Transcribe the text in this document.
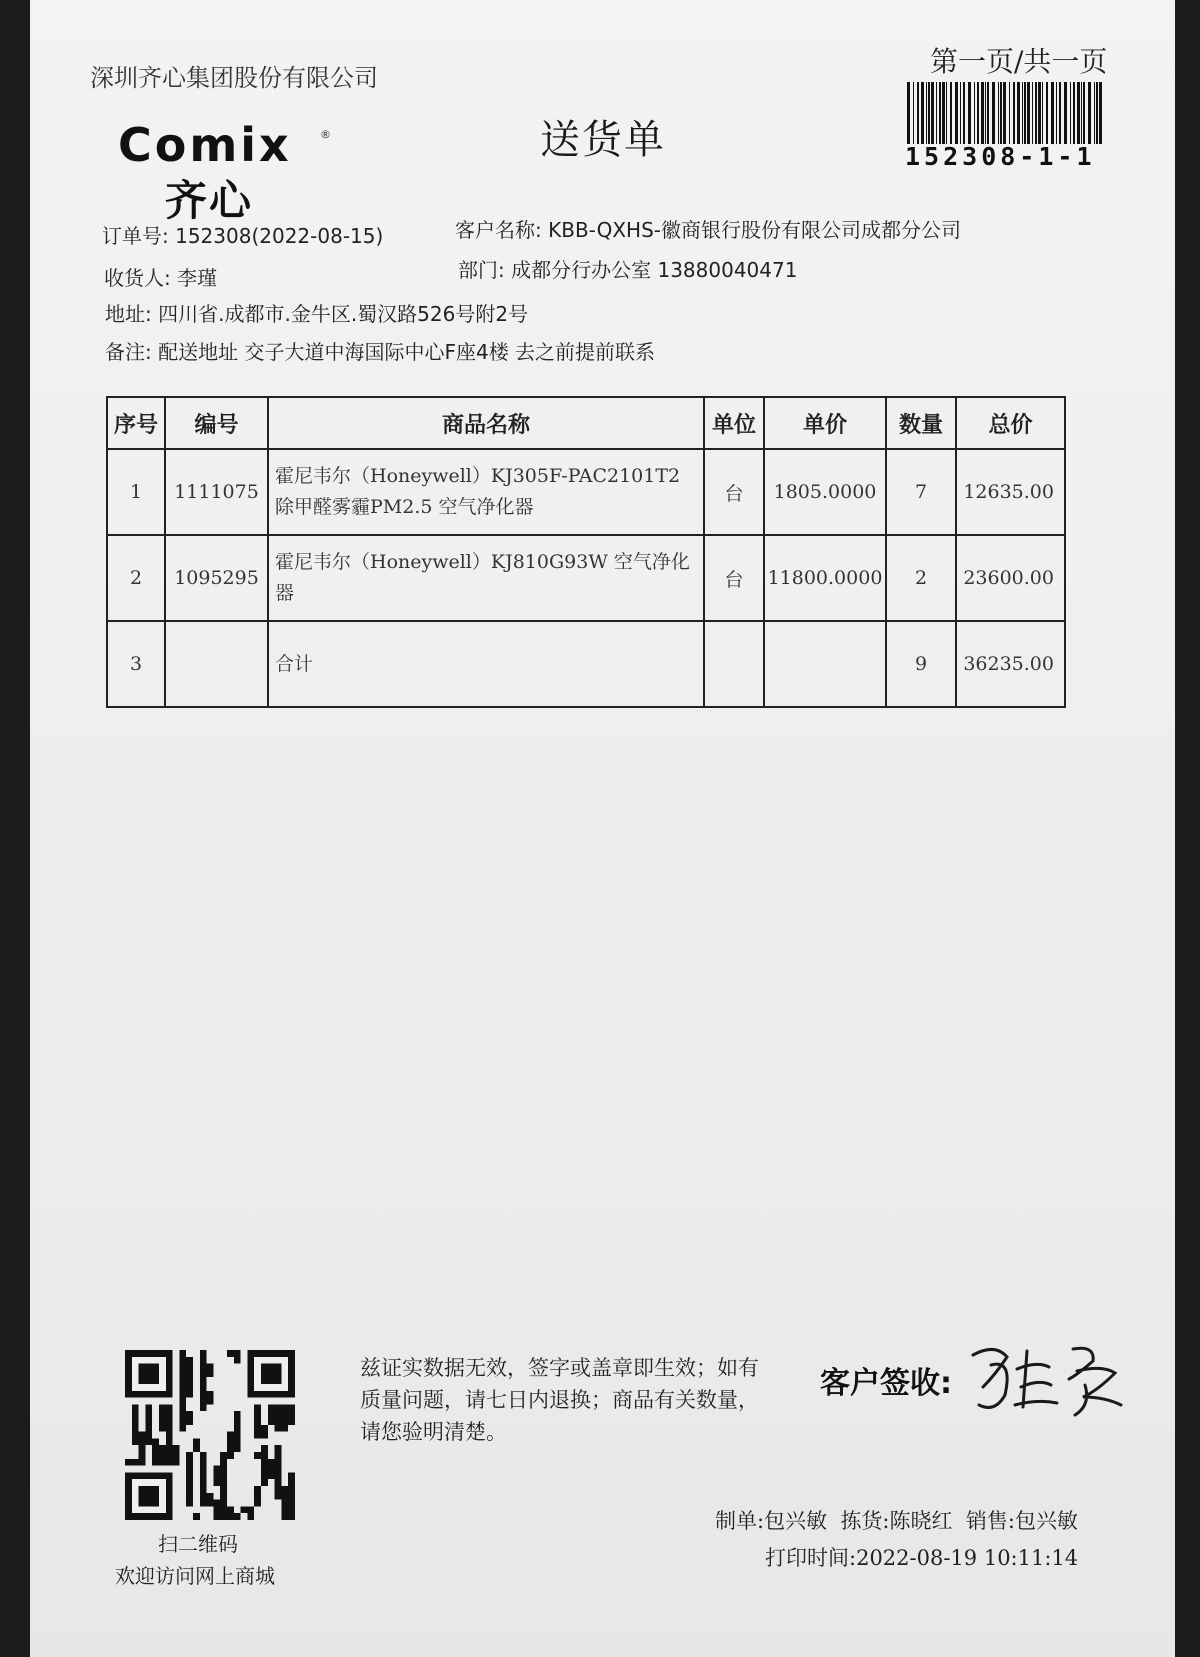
深圳齐心集团股份有限公司
送货单
Comix	®
齐心
第一页/共一页
152308-1-1
订单号: 152308(2022-08-15)	客户名称: KBB-QXHS-徽商银行股份有限公司成都分公司
收货人: 李瑾	部门: 成都分行办公室 13880040471
地址: 四川省.成都市.金牛区.蜀汉路526号附2号
备注: 配送地址 交子大道中海国际中心F座4楼 去之前提前联系
序号	编号	商品名称	单位	单价	数量	总价
1	1111075	霍尼韦尔（Honeywell）KJ305F-PAC2101T2 除甲醛雾霾PM2.5 空气净化器	台	1805.0000	7	12635.00
2	1095295	霍尼韦尔（Honeywell）KJ810G93W 空气净化器	台	11800.0000	2	23600.00
3		合计			9	36235.00
扫二维码
欢迎访问网上商城
兹证实数据无效，签字或盖章即生效；如有质量问题，请七日内退换；商品有关数量，请您验明清楚。
客户签收:
制单:包兴敏 拣货:陈晓红 销售:包兴敏
打印时间:2022-08-19 10:11:14
